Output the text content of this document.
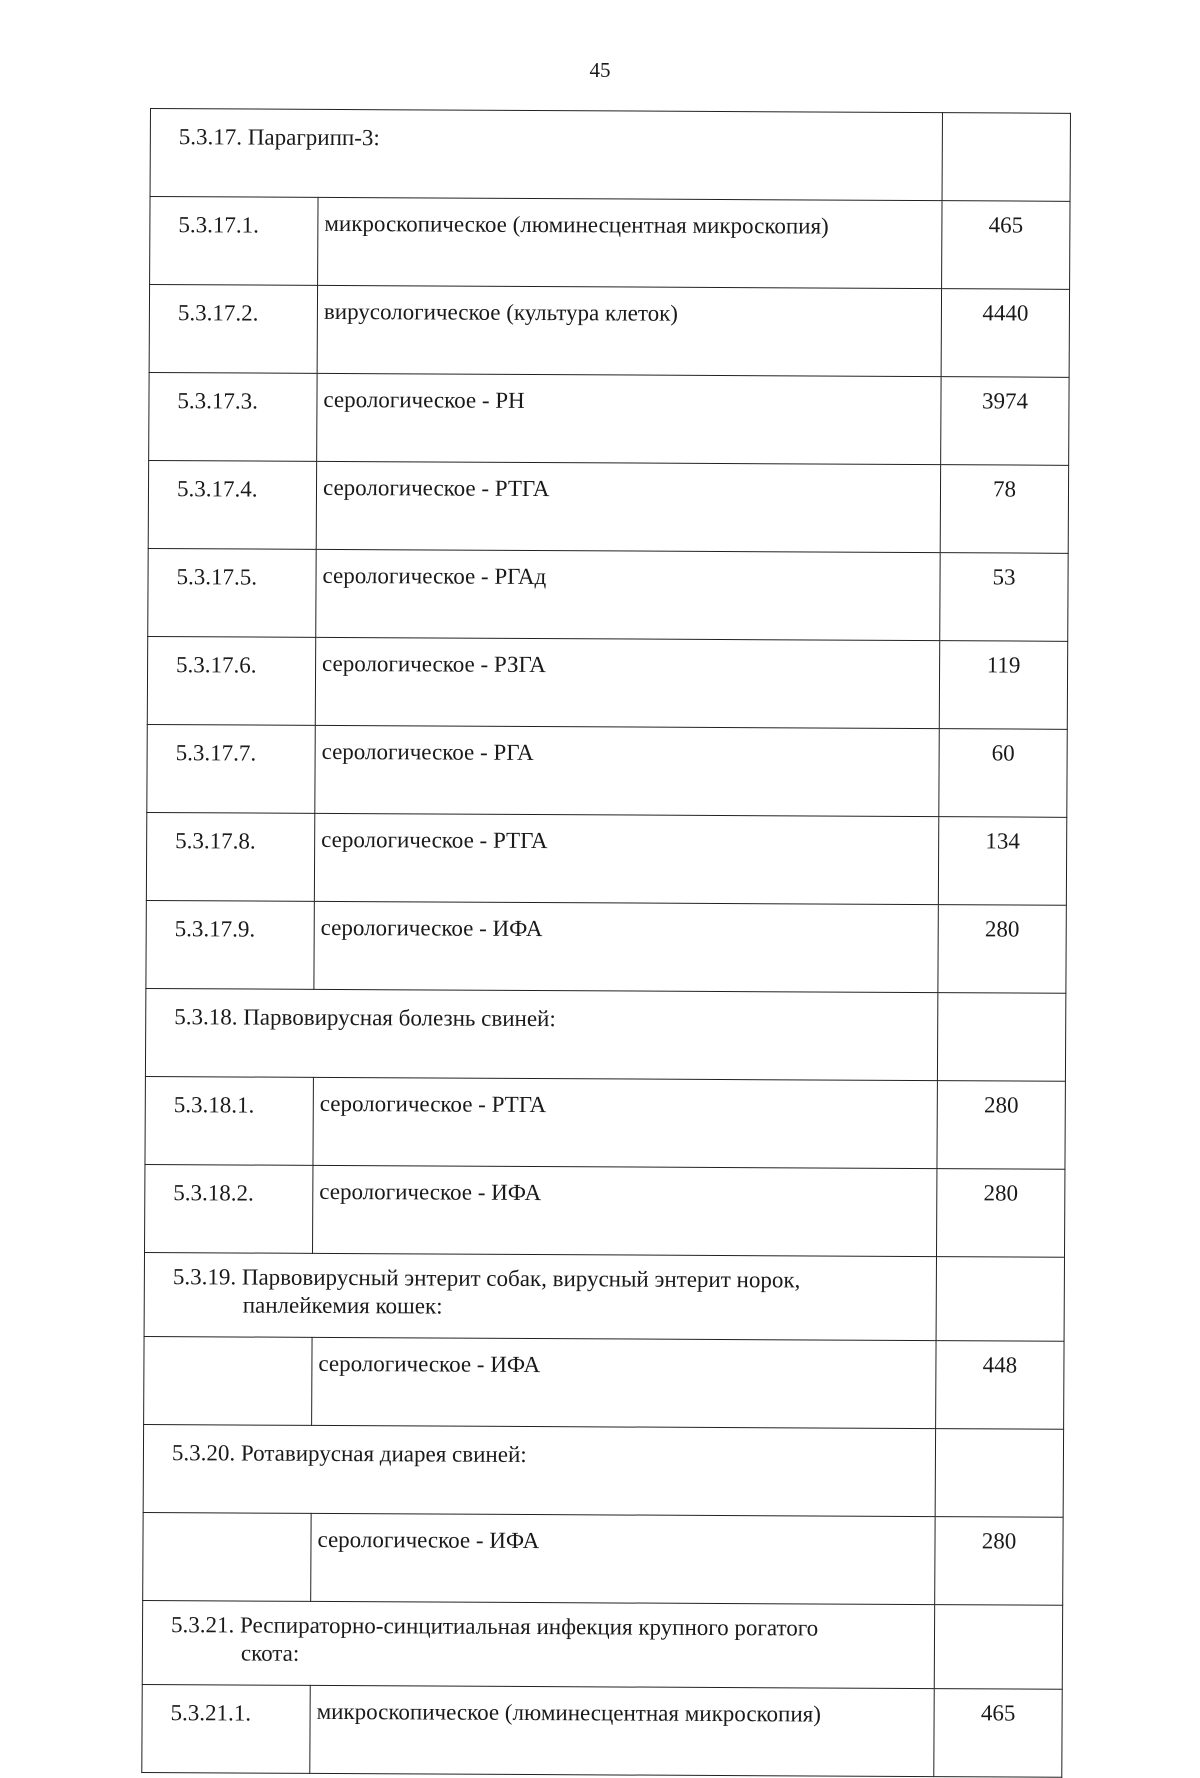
45
5.3.17. Парагрипп-3:		

5.3.17.1.	микроскопическое (люминесцентная микроскопия)	465
5.3.17.2.	вирусологическое (культура клеток)	4440
5.3.17.3.	серологическое - РН	3974
5.3.17.4.	серологическое - РТГА	78
5.3.17.5.	серологическое - РГАд	53
5.3.17.6.	серологическое - РЗГА	119
5.3.17.7.	серологическое - РГА	60
5.3.17.8.	серологическое - РТГА	134
5.3.17.9.	серологическое - ИФА	280

5.3.18. Парвовирусная болезнь свиней:		

5.3.18.1.	серологическое - РТГА	280
5.3.18.2.	серологическое - ИФА	280

5.3.19. Парвовирусный энтерит собак, вирусный энтерит норок,
панлейкемия кошек:		

	серологическое - ИФА	448

5.3.20. Ротавирусная диарея свиней:		

	серологическое - ИФА	280

5.3.21. Респираторно-синцитиальная инфекция крупного рогатого
скота:		

5.3.21.1.	микроскопическое (люминесцентная микроскопия)	465
